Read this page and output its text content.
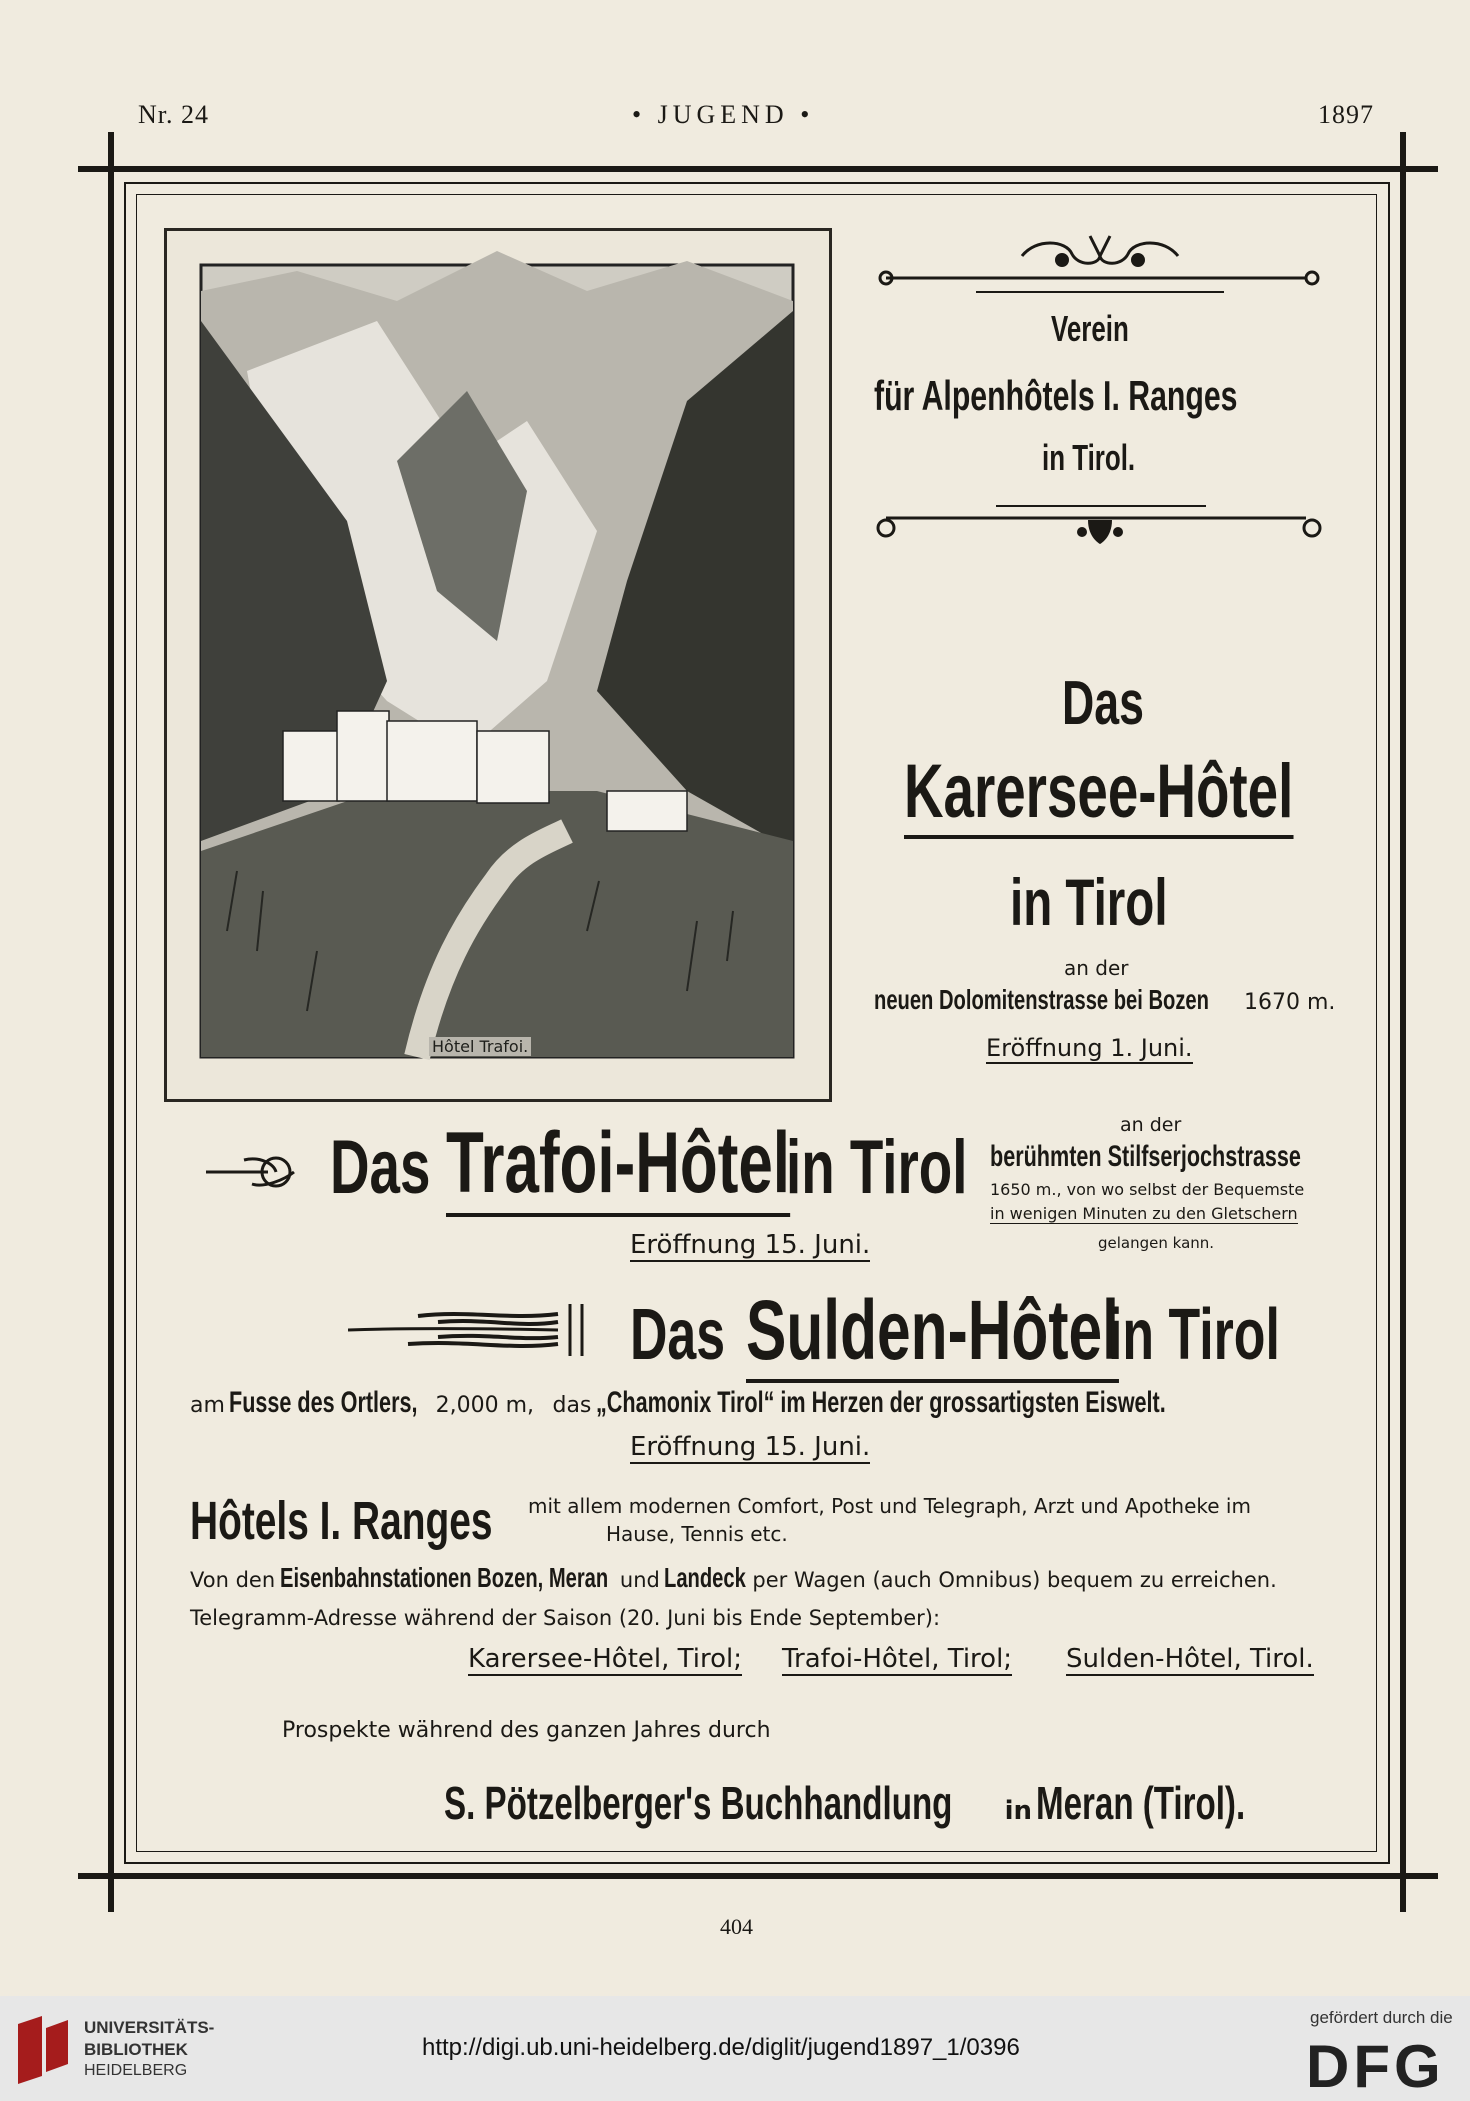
Nr. 24	• JUGEND •	1897
Hôtel Trafoi.
Verein
für Alpenhôtels I. Ranges
in Tirol.
Das
Karersee-Hôtel
in Tirol
an der
neuen Dolomitenstrasse bei Bozen 1670 m.
Eröffnung 1. Juni.
Das Trafoi-Hôtel
in Tirol	an der
berühmten Stilfserjochstrasse
1650 m., von wo selbst der Bequemste
in wenigen Minuten zu den Gletschern
gelangen kann.
Eröffnung 15. Juni.
Das Sulden-Hôtel
in Tirol
am Fusse des Ortlers, 2,000 m, das „Chamonix Tirol“ im Herzen der grossartigsten Eiswelt.
Eröffnung 15. Juni.
Hôtels I. Ranges mit allem modernen Comfort, Post und Telegraph, Arzt und Apotheke im
Hause, Tennis etc.
Von den Eisenbahnstationen Bozen, Meran und Landeck per Wagen (auch Omnibus) bequem zu erreichen.
Telegramm-Adresse während der Saison (20. Juni bis Ende September):
Karersee-Hôtel, Tirol; Trafoi-Hôtel, Tirol; Sulden-Hôtel, Tirol.
Prospekte während des ganzen Jahres durch
S. Pötzelberger's Buchhandlung in Meran (Tirol).
404
UNIVERSITÄTS-
BIBLIOTHEK
HEIDELBERG
http://digi.ub.uni-heidelberg.de/diglit/jugend1897_1/0396
gefördert durch die
DFG
